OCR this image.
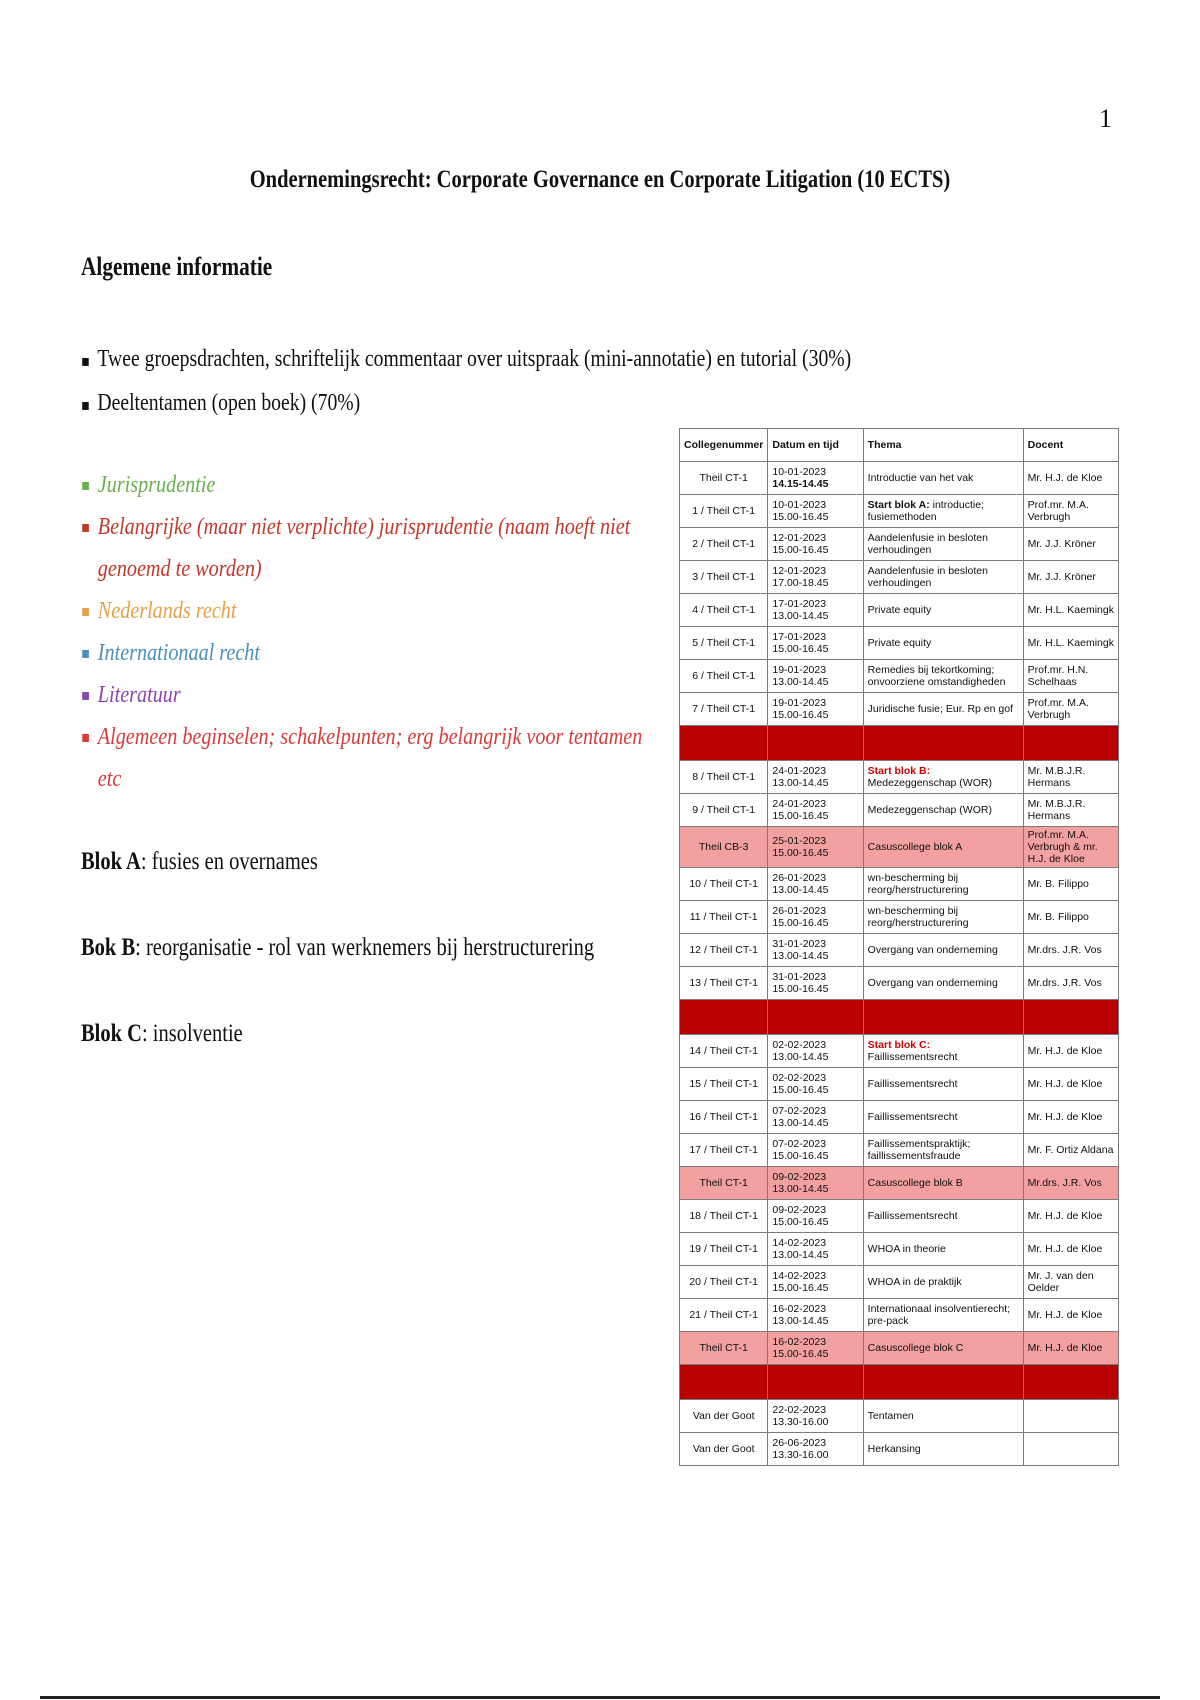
1
Ondernemingsrecht: Corporate Governance en Corporate Litigation (10 ECTS)
Algemene informatie
▪ Twee groepsdrachten, schriftelijk commentaar over uitspraak (mini-annotatie) en tutorial (30%)
▪ Deeltentamen (open boek) (70%)
▪ Jurisprudentie
▪ Belangrijke (maar niet verplichte) jurisprudentie (naam hoeft niet genoemd te worden)
▪ Nederlands recht
▪ Internationaal recht
▪ Literatuur
▪ Algemeen beginselen; schakelpunten; erg belangrijk voor tentamen etc
Blok A: fusies en overnames
Bok B: reorganisatie - rol van werknemers bij herstructurering
Blok C: insolventie
Collegenummer	Datum en tijd	Thema	Docent
Theil CT-1	10-01-2023 14.15-14.45	Introductie van het vak	Mr. H.J. de Kloe
1 / Theil CT-1	10-01-2023 15.00-16.45	Start blok A: introductie; fusiemethoden	Prof.mr. M.A. Verbrugh
2 / Theil CT-1	12-01-2023 15.00-16.45	Aandelenfusie in besloten verhoudingen	Mr. J.J. Kröner
3 / Theil CT-1	12-01-2023 17.00-18.45	Aandelenfusie in besloten verhoudingen	Mr. J.J. Kröner
4 / Theil CT-1	17-01-2023 13.00-14.45	Private equity	Mr. H.L. Kaemingk
5 / Theil CT-1	17-01-2023 15.00-16.45	Private equity	Mr. H.L. Kaemingk
6 / Theil CT-1	19-01-2023 13.00-14.45	Remedies bij tekortkoming; onvoorziene omstandigheden	Prof.mr. H.N. Schelhaas
7 / Theil CT-1	19-01-2023 15.00-16.45	Juridische fusie; Eur. Rp en gof	Prof.mr. M.A. Verbrugh

8 / Theil CT-1	24-01-2023 13.00-14.45	Start blok B: Medezeggenschap (WOR)	Mr. M.B.J.R. Hermans
9 / Theil CT-1	24-01-2023 15.00-16.45	Medezeggenschap (WOR)	Mr. M.B.J.R. Hermans
Theil CB-3	25-01-2023 15.00-16.45	Casuscollege blok A	Prof.mr. M.A. Verbrugh & mr. H.J. de Kloe
10 / Theil CT-1	26-01-2023 13.00-14.45	wn-bescherming bij reorg/herstructurering	Mr. B. Filippo
11 / Theil CT-1	26-01-2023 15.00-16.45	wn-bescherming bij reorg/herstructurering	Mr. B. Filippo
12 / Theil CT-1	31-01-2023 13.00-14.45	Overgang van onderneming	Mr.drs. J.R. Vos
13 / Theil CT-1	31-01-2023 15.00-16.45	Overgang van onderneming	Mr.drs. J.R. Vos

14 / Theil CT-1	02-02-2023 13.00-14.45	Start blok C: Faillissementsrecht	Mr. H.J. de Kloe
15 / Theil CT-1	02-02-2023 15.00-16.45	Faillissementsrecht	Mr. H.J. de Kloe
16 / Theil CT-1	07-02-2023 13.00-14.45	Faillissementsrecht	Mr. H.J. de Kloe
17 / Theil CT-1	07-02-2023 15.00-16.45	Faillissementspraktijk; faillissementsfraude	Mr. F. Ortiz Aldana
Theil CT-1	09-02-2023 13.00-14.45	Casuscollege blok B	Mr.drs. J.R. Vos
18 / Theil CT-1	09-02-2023 15.00-16.45	Faillissementsrecht	Mr. H.J. de Kloe
19 / Theil CT-1	14-02-2023 13.00-14.45	WHOA in theorie	Mr. H.J. de Kloe
20 / Theil CT-1	14-02-2023 15.00-16.45	WHOA in de praktijk	Mr. J. van den Oelder
21 / Theil CT-1	16-02-2023 13.00-14.45	Internationaal insolventierecht; pre-pack	Mr. H.J. de Kloe
Theil CT-1	16-02-2023 15.00-16.45	Casuscollege blok C	Mr. H.J. de Kloe

Van der Goot	22-02-2023 13.30-16.00	Tentamen	
Van der Goot	26-06-2023 13.30-16.00	Herkansing	
